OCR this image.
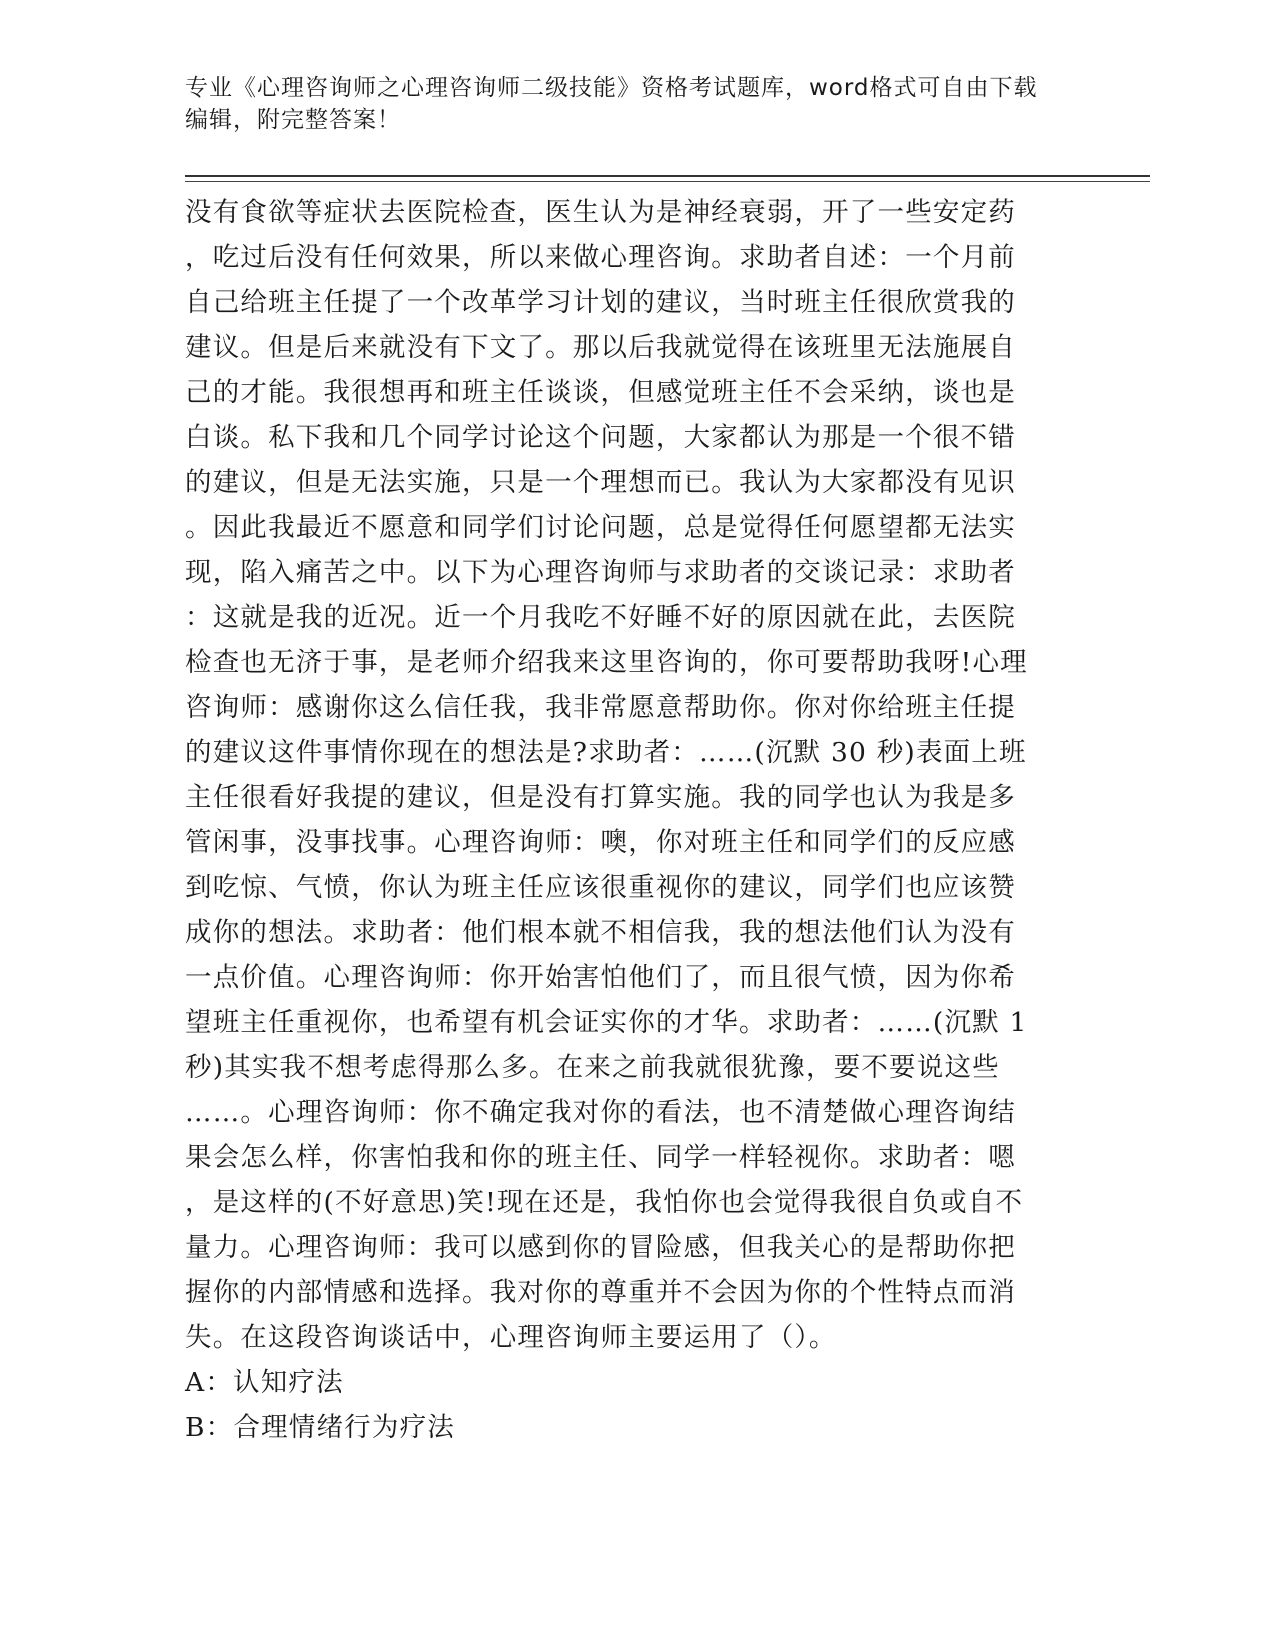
专业《心理咨询师之心理咨询师二级技能》资格考试题库，word格式可自由下载
编辑，附完整答案！
没有食欲等症状去医院检查，医生认为是神经衰弱，开了一些安定药
，吃过后没有任何效果，所以来做心理咨询。求助者自述：一个月前
自己给班主任提了一个改革学习计划的建议，当时班主任很欣赏我的
建议。但是后来就没有下文了。那以后我就觉得在该班里无法施展自
己的才能。我很想再和班主任谈谈，但感觉班主任不会采纳，谈也是
白谈。私下我和几个同学讨论这个问题，大家都认为那是一个很不错
的建议，但是无法实施，只是一个理想而已。我认为大家都没有见识
。因此我最近不愿意和同学们讨论问题，总是觉得任何愿望都无法实
现，陷入痛苦之中。以下为心理咨询师与求助者的交谈记录：求助者
：这就是我的近况。近一个月我吃不好睡不好的原因就在此，去医院
检查也无济于事，是老师介绍我来这里咨询的，你可要帮助我呀!心理
咨询师：感谢你这么信任我，我非常愿意帮助你。你对你给班主任提
的建议这件事情你现在的想法是?求助者：……(沉默 30 秒)表面上班
主任很看好我提的建议，但是没有打算实施。我的同学也认为我是多
管闲事，没事找事。心理咨询师：噢，你对班主任和同学们的反应感
到吃惊、气愤，你认为班主任应该很重视你的建议，同学们也应该赞
成你的想法。求助者：他们根本就不相信我，我的想法他们认为没有
一点价值。心理咨询师：你开始害怕他们了，而且很气愤，因为你希
望班主任重视你，也希望有机会证实你的才华。求助者：……(沉默 1
秒)其实我不想考虑得那么多。在来之前我就很犹豫，要不要说这些
……。心理咨询师：你不确定我对你的看法，也不清楚做心理咨询结
果会怎么样，你害怕我和你的班主任、同学一样轻视你。求助者：嗯
，是这样的(不好意思)笑!现在还是，我怕你也会觉得我很自负或自不
量力。心理咨询师：我可以感到你的冒险感，但我关心的是帮助你把
握你的内部情感和选择。我对你的尊重并不会因为你的个性特点而消
失。在这段咨询谈话中，心理咨询师主要运用了（）。
A：认知疗法
B：合理情绪行为疗法
